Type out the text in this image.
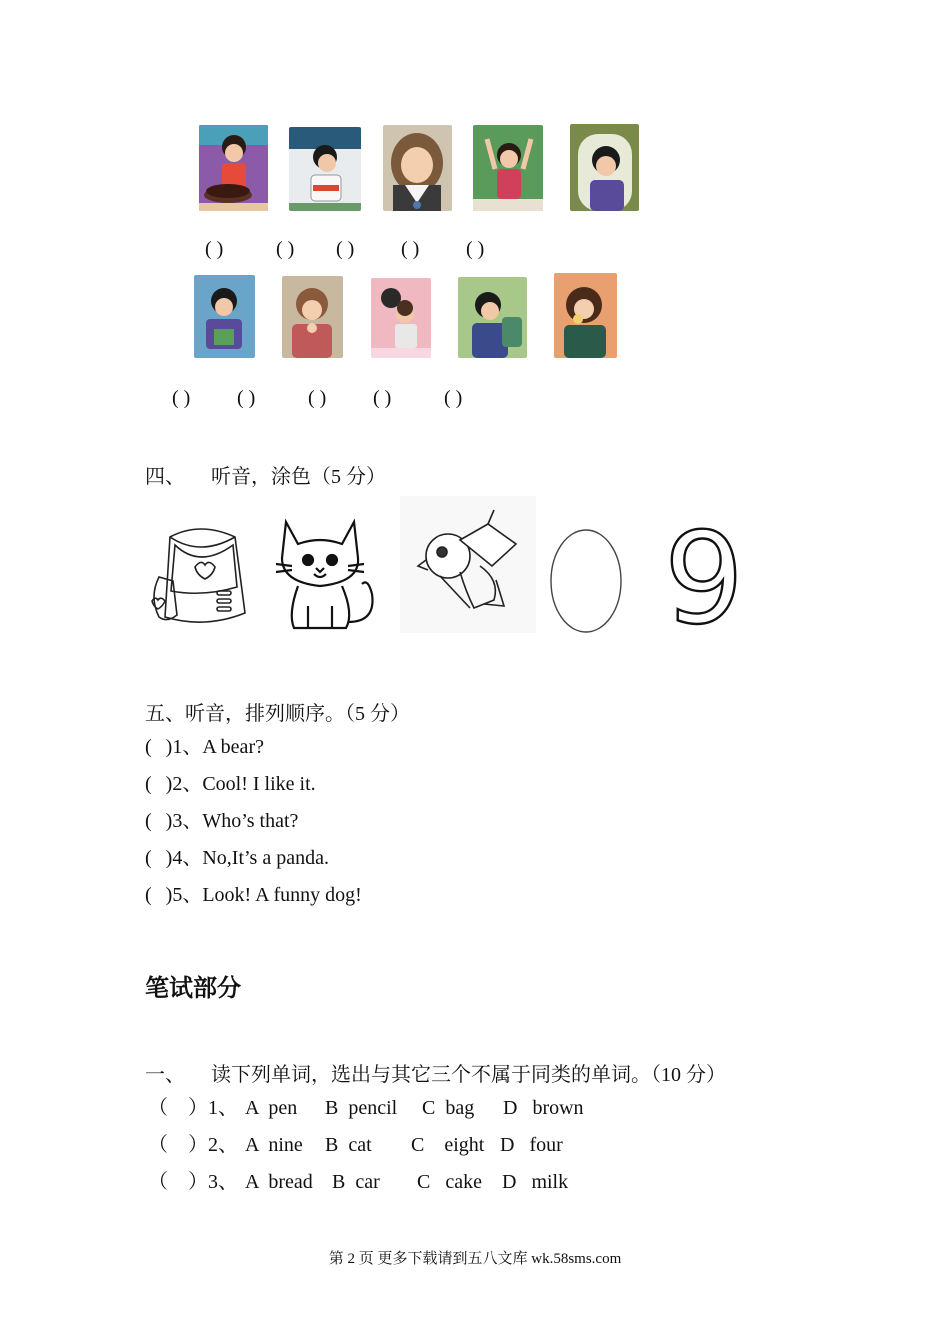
( )	( ) ( ) ( ) ( )
( ) ( )	( ) ( )	( )
四、 听音，涂色（5 分）
9
五、听音，排列顺序。（5 分）
( )1、A bear?
( )2、Cool! I like it.
( )3、Who’s that?
( )4、No,It’s a panda.
( )5、Look! A funny dog!
笔试部分
一、 读下列单词，选出与其它三个不属于同类的单词。（10 分）
（    ）1、 A  pen B  pencil C  bag D   brown
（    ）2、 A  nine B  cat C    eight D   four
（    ）3、 A  bread B  car C   cake D   milk
第 2 页 更多下载请到五八文库 wk.58sms.com
